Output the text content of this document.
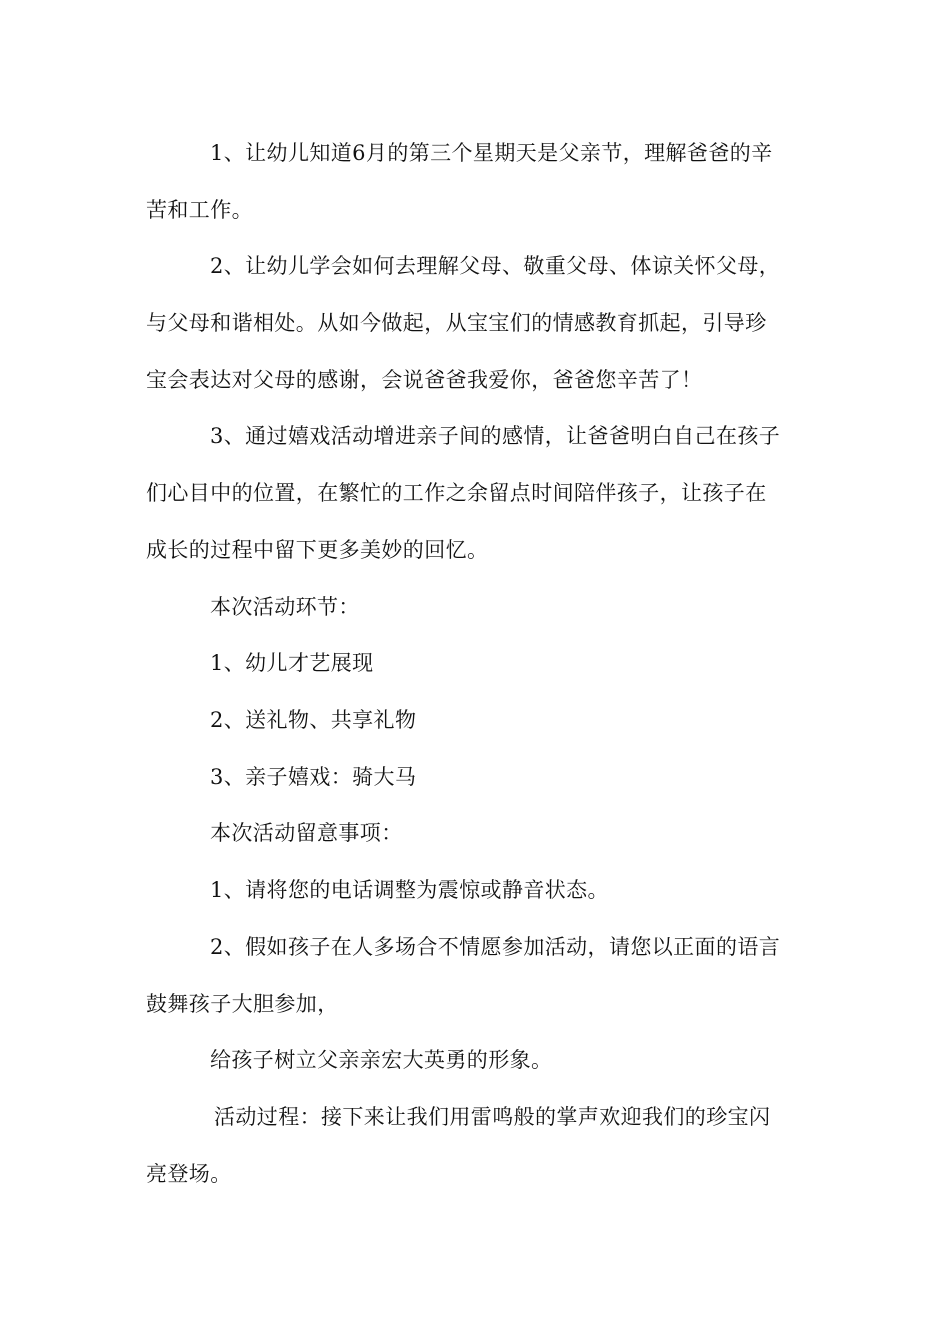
1、让幼儿知道6月的第三个星期天是父亲节，理解爸爸的辛
苦和工作。
2、让幼儿学会如何去理解父母、敬重父母、体谅关怀父母，
与父母和谐相处。从如今做起，从宝宝们的情感教育抓起，引导珍
宝会表达对父母的感谢，会说爸爸我爱你，爸爸您辛苦了！
3、通过嬉戏活动增进亲子间的感情，让爸爸明白自己在孩子
们心目中的位置，在繁忙的工作之余留点时间陪伴孩子，让孩子在
成长的过程中留下更多美妙的回忆。
本次活动环节：
1、幼儿才艺展现
2、送礼物、共享礼物
3、亲子嬉戏：骑大马
本次活动留意事项：
1、请将您的电话调整为震惊或静音状态。
2、假如孩子在人多场合不情愿参加活动，请您以正面的语言
鼓舞孩子大胆参加，
给孩子树立父亲亲宏大英勇的形象。
活动过程：接下来让我们用雷鸣般的掌声欢迎我们的珍宝闪
亮登场。
